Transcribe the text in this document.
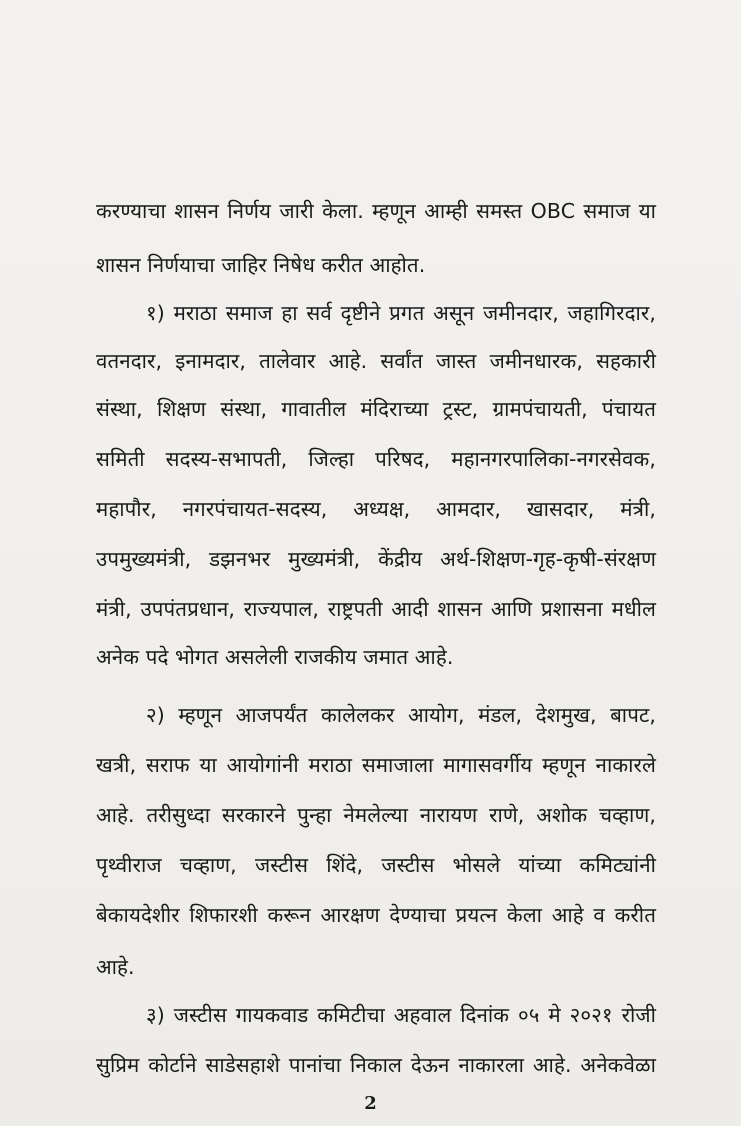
करण्याचा शासन निर्णय जारी केला. म्हणून आम्ही समस्त OBC समाज या
शासन निर्णयाचा जाहिर निषेध करीत आहोत.
१) मराठा समाज हा सर्व दृष्टीने प्रगत असून जमीनदार, जहागिरदार,
वतनदार, इनामदार, तालेवार आहे. सर्वांत जास्त जमीनधारक, सहकारी
संस्था, शिक्षण संस्था, गावातील मंदिराच्या ट्रस्ट, ग्रामपंचायती, पंचायत
समिती सदस्य-सभापती, जिल्हा परिषद, महानगरपालिका-नगरसेवक,
महापौर, नगरपंचायत-सदस्य, अध्यक्ष, आमदार, खासदार, मंत्री,
उपमुख्यमंत्री, डझनभर मुख्यमंत्री, केंद्रीय अर्थ-शिक्षण-गृह-कृषी-संरक्षण
मंत्री, उपपंतप्रधान, राज्यपाल, राष्ट्रपती आदी शासन आणि प्रशासना मधील
अनेक पदे भोगत असलेली राजकीय जमात आहे.
२) म्हणून आजपर्यंत कालेलकर आयोग, मंडल, देशमुख, बापट,
खत्री, सराफ या आयोगांनी मराठा समाजाला मागासवर्गीय म्हणून नाकारले
आहे. तरीसुध्दा सरकारने पुन्हा नेमलेल्या नारायण राणे, अशोक चव्हाण,
पृथ्वीराज चव्हाण, जस्टीस शिंदे, जस्टीस भोसले यांच्या कमिट्यांनी
बेकायदेशीर शिफारशी करून आरक्षण देण्याचा प्रयत्न केला आहे व करीत
आहे.
३) जस्टीस गायकवाड कमिटीचा अहवाल दिनांक ०५ मे २०२१ रोजी
सुप्रिम कोर्टाने साडेसहाशे पानांचा निकाल देऊन नाकारला आहे. अनेकवेळा
2
